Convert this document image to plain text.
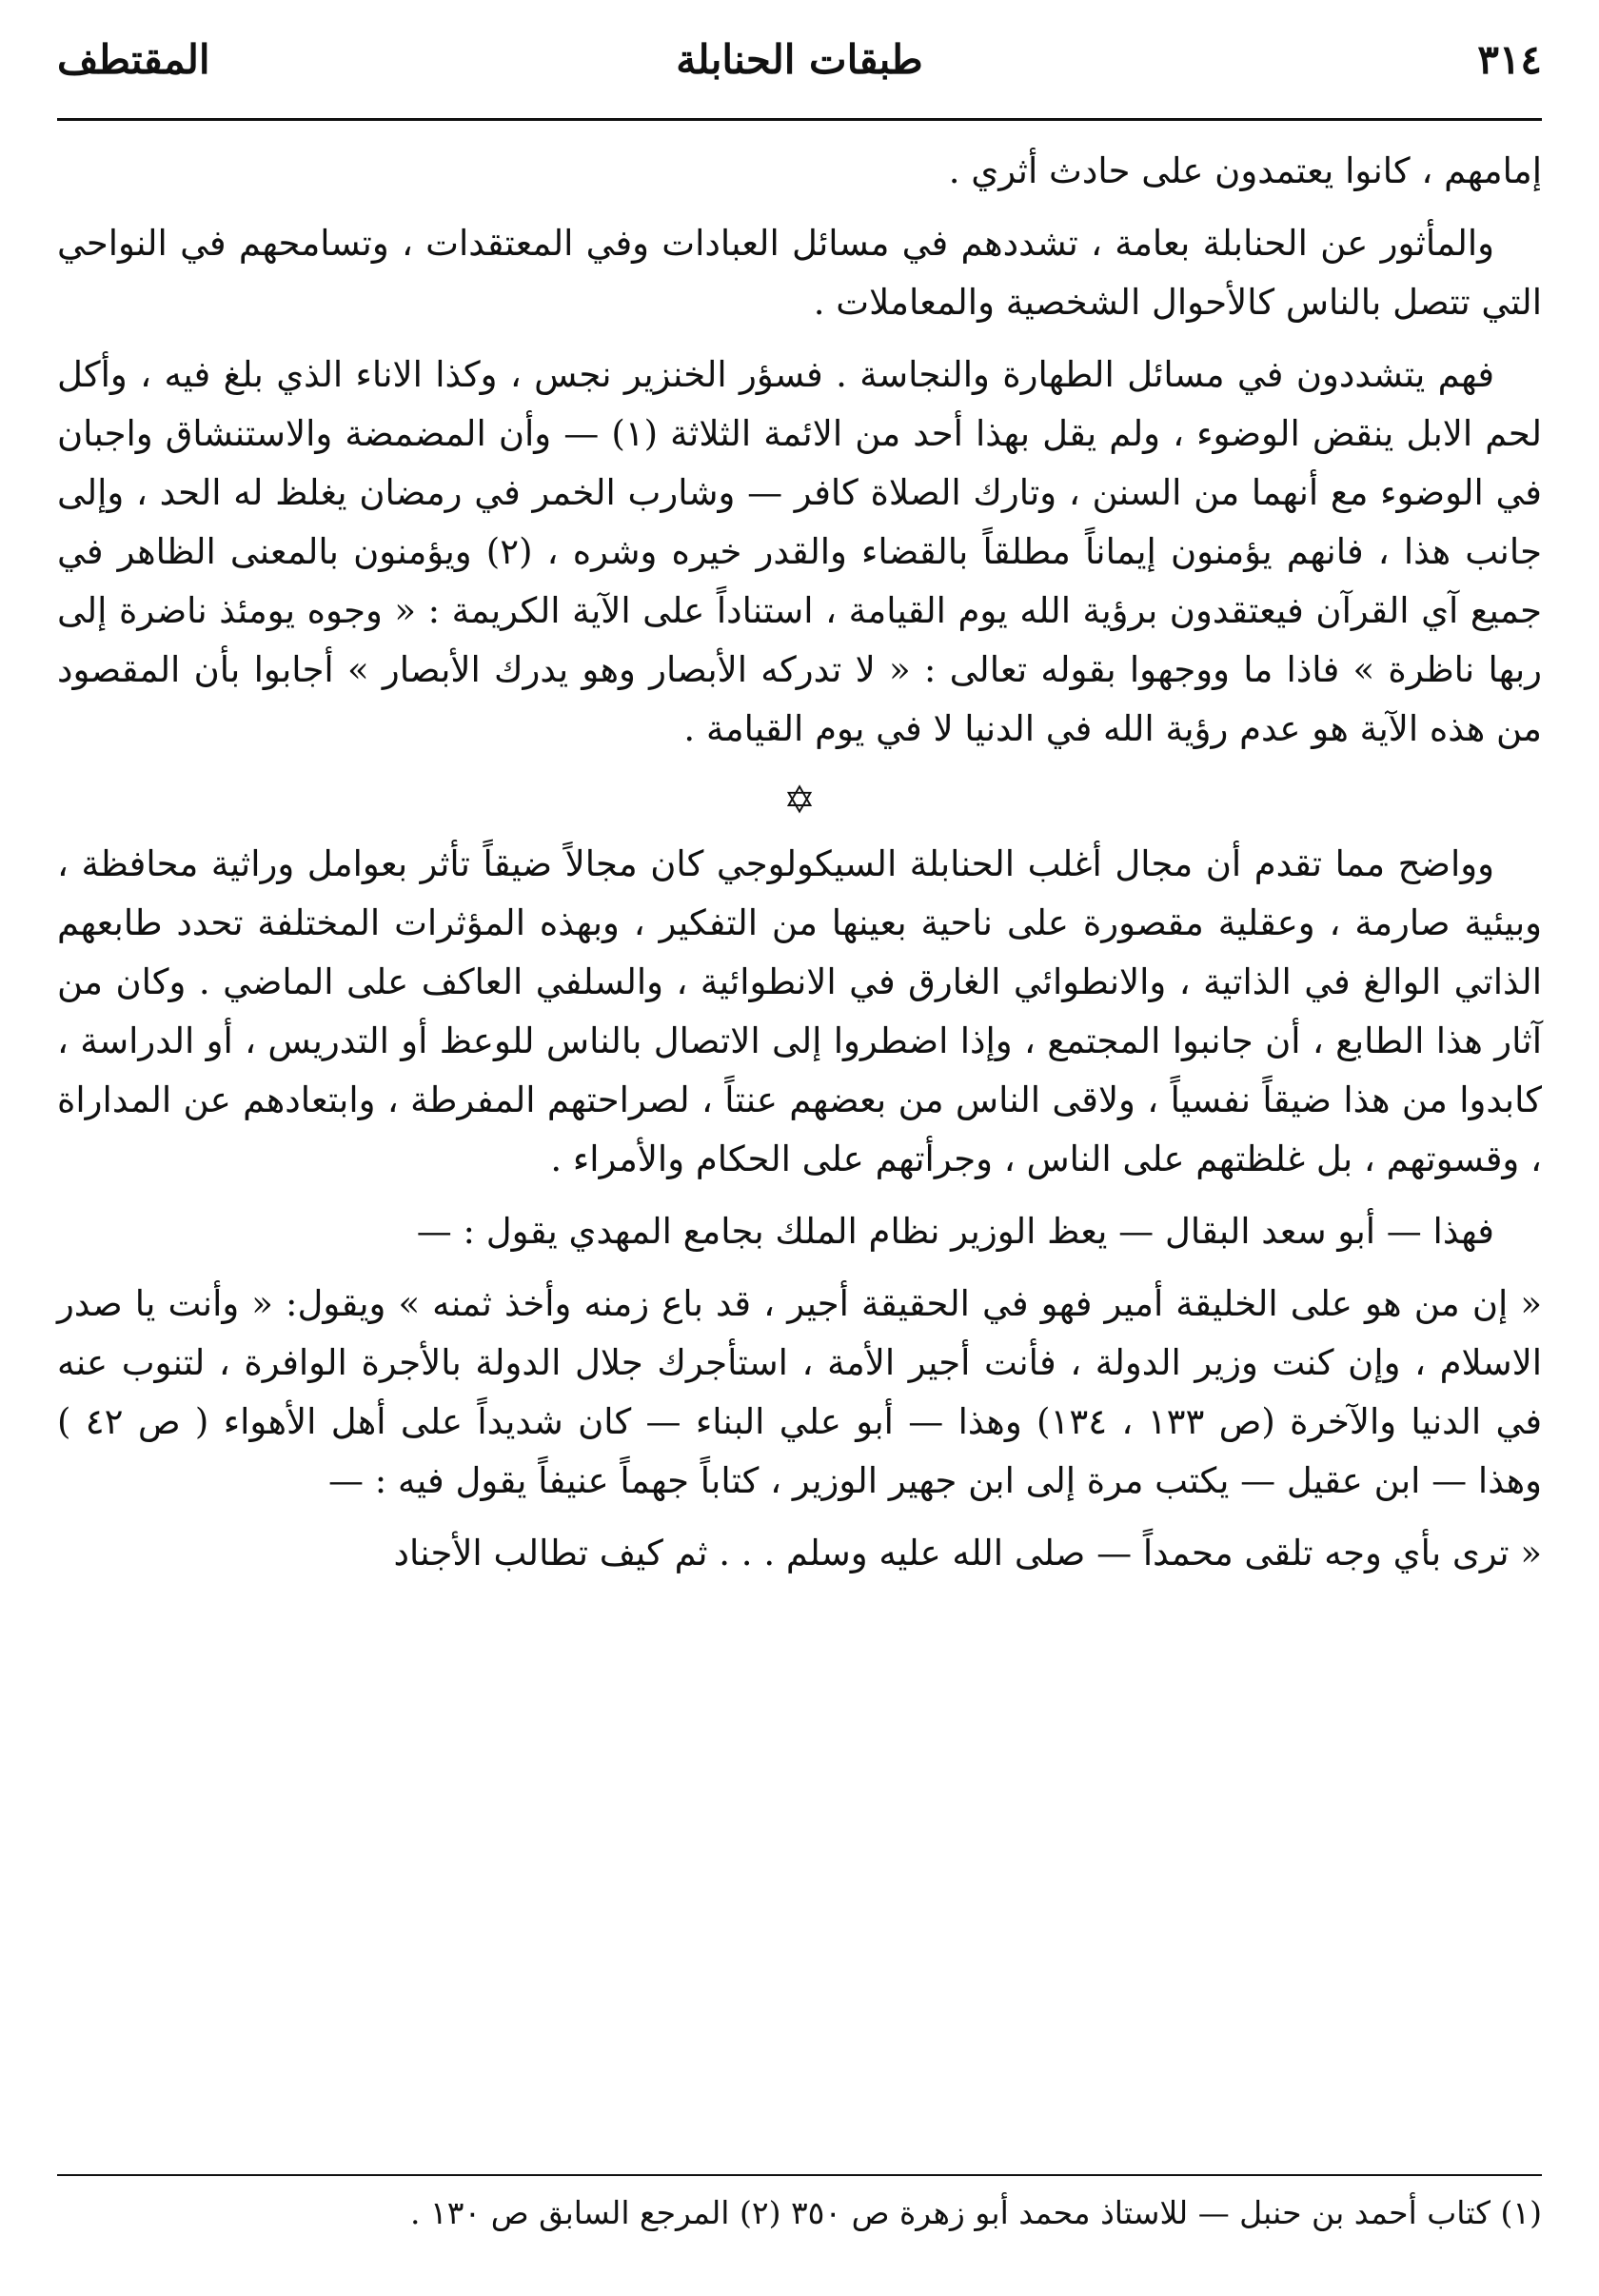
٣١٤
طبقات الحنابلة
المقتطف

إمامهم ، كانوا يعتمدون على حادث أثري .

والمأثور عن الحنابلة بعامة ، تشددهم في مسائل العبادات وفي المعتقدات ، وتسامحهم في النواحي التي تتصل بالناس كالأحوال الشخصية والمعاملات .

فهم يتشددون في مسائل الطهارة والنجاسة . فسؤر الخنزير نجس ، وكذا الاناء الذي بلغ فيه ، وأكل لحم الابل ينقض الوضوء ، ولم يقل بهذا أحد من الائمة الثلاثة (١) — وأن المضمضة والاستنشاق واجبان في الوضوء مع أنهما من السنن ، وتارك الصلاة كافر — وشارب الخمر في رمضان يغلظ له الحد ، وإلى جانب هذا ، فانهم يؤمنون إيماناً مطلقاً بالقضاء والقدر خيره وشره ، (٢) ويؤمنون بالمعنى الظاهر في جميع آي القرآن فيعتقدون برؤية الله يوم القيامة ، استناداً على الآية الكريمة : « وجوه يومئذ ناضرة إلى ربها ناظرة » فاذا ما ووجهوا بقوله تعالى : « لا تدركه الأبصار وهو يدرك الأبصار » أجابوا بأن المقصود من هذه الآية هو عدم رؤية الله في الدنيا لا في يوم القيامة .

✡

وواضح مما تقدم أن مجال أغلب الحنابلة السيكولوجي كان مجالاً ضيقاً تأثر بعوامل وراثية محافظة ، وبيئية صارمة ، وعقلية مقصورة على ناحية بعينها من التفكير ، وبهذه المؤثرات المختلفة تحدد طابعهم الذاتي الوالغ في الذاتية ، والانطوائي الغارق في الانطوائية ، والسلفي العاكف على الماضي . وكان من آثار هذا الطابع ، أن جانبوا المجتمع ، وإذا اضطروا إلى الاتصال بالناس للوعظ أو التدريس ، أو الدراسة ، كابدوا من هذا ضيقاً نفسياً ، ولاقى الناس من بعضهم عنتاً ، لصراحتهم المفرطة ، وابتعادهم عن المداراة ، وقسوتهم ، بل غلظتهم على الناس ، وجرأتهم على الحكام والأمراء .

فهذا — أبو سعد البقال — يعظ الوزير نظام الملك بجامع المهدي يقول : —

« إن من هو على الخليقة أمير فهو في الحقيقة أجير ، قد باع زمنه وأخذ ثمنه » ويقول: « وأنت يا صدر الاسلام ، وإن كنت وزير الدولة ، فأنت أجير الأمة ، استأجرك جلال الدولة بالأجرة الوافرة ، لتنوب عنه في الدنيا والآخرة (ص ١٣٣ ، ١٣٤) وهذا — أبو علي البناء — كان شديداً على أهل الأهواء ( ص ٤٢ ) وهذا — ابن عقيل — يكتب مرة إلى ابن جهير الوزير ، كتاباً جهماً عنيفاً يقول فيه : —

« ترى بأي وجه تلقى محمداً — صلى الله عليه وسلم . . . ثم كيف تطالب الأجناد

(١) كتاب أحمد بن حنبل — للاستاذ محمد أبو زهرة ص ٣٥٠ (٢) المرجع السابق ص ١٣٠ .
